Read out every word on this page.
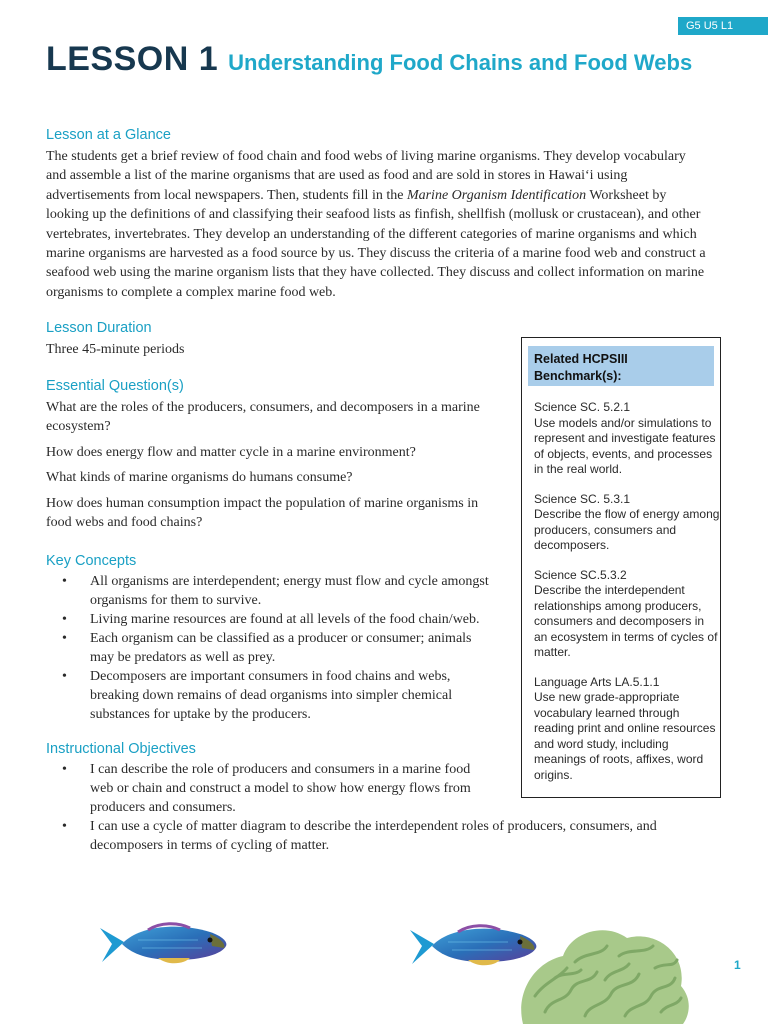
G5 U5 L1
LESSON 1 Understanding Food Chains and Food Webs
Lesson at a Glance
The students get a brief review of food chain and food webs of living marine organisms. They develop vocabulary and assemble a list of the marine organisms that are used as food and are sold in stores in Hawai‘i using advertisements from local newspapers. Then, students fill in the Marine Organism Identification Worksheet by looking up the definitions of and classifying their seafood lists as finfish, shellfish (mollusk or crustacean), and other vertebrates, invertebrates. They develop an understanding of the different categories of marine organisms and which marine organisms are harvested as a food source by us. They discuss the criteria of a marine food web and construct a seafood web using the marine organism lists that they have collected. They discuss and collect information on marine organisms to complete a complex marine food web.
Lesson Duration
Three 45-minute periods
Essential Question(s)

What are the roles of the producers, consumers, and decomposers in a marine ecosystem?

How does energy flow and matter cycle in a marine environment?

What kinds of marine organisms do humans consume?

How does human consumption impact the population of marine organisms in food webs and food chains?

Key Concepts
• All organisms are interdependent; energy must flow and cycle amongst organisms for them to survive.
• Living marine resources are found at all levels of the food chain/web.
• Each organism can be classified as a producer or consumer; animals may be predators as well as prey.
• Decomposers are important consumers in food chains and webs, breaking down remains of dead organisms into simpler chemical substances for uptake by the producers.
Instructional Objectives
• I can describe the role of producers and consumers in a marine food web or chain and construct a model to show how energy flows from producers and consumers.
• I can use a cycle of matter diagram to describe the interdependent roles of producers, consumers, and decomposers in terms of cycling of matter.
Related HCPSIII Benchmark(s):
Science SC. 5.2.1
Use models and/or simulations to represent and investigate features of objects, events, and processes in the real world.
Science SC. 5.3.1
Describe the flow of energy among producers, consumers and decomposers.
Science SC.5.3.2
Describe the interdependent relationships among producers, consumers and decomposers in an ecosystem in terms of cycles of matter.
Language Arts LA.5.1.1
Use new grade-appropriate vocabulary learned through reading print and online resources and word study, including meanings of roots, affixes, word origins.
1
